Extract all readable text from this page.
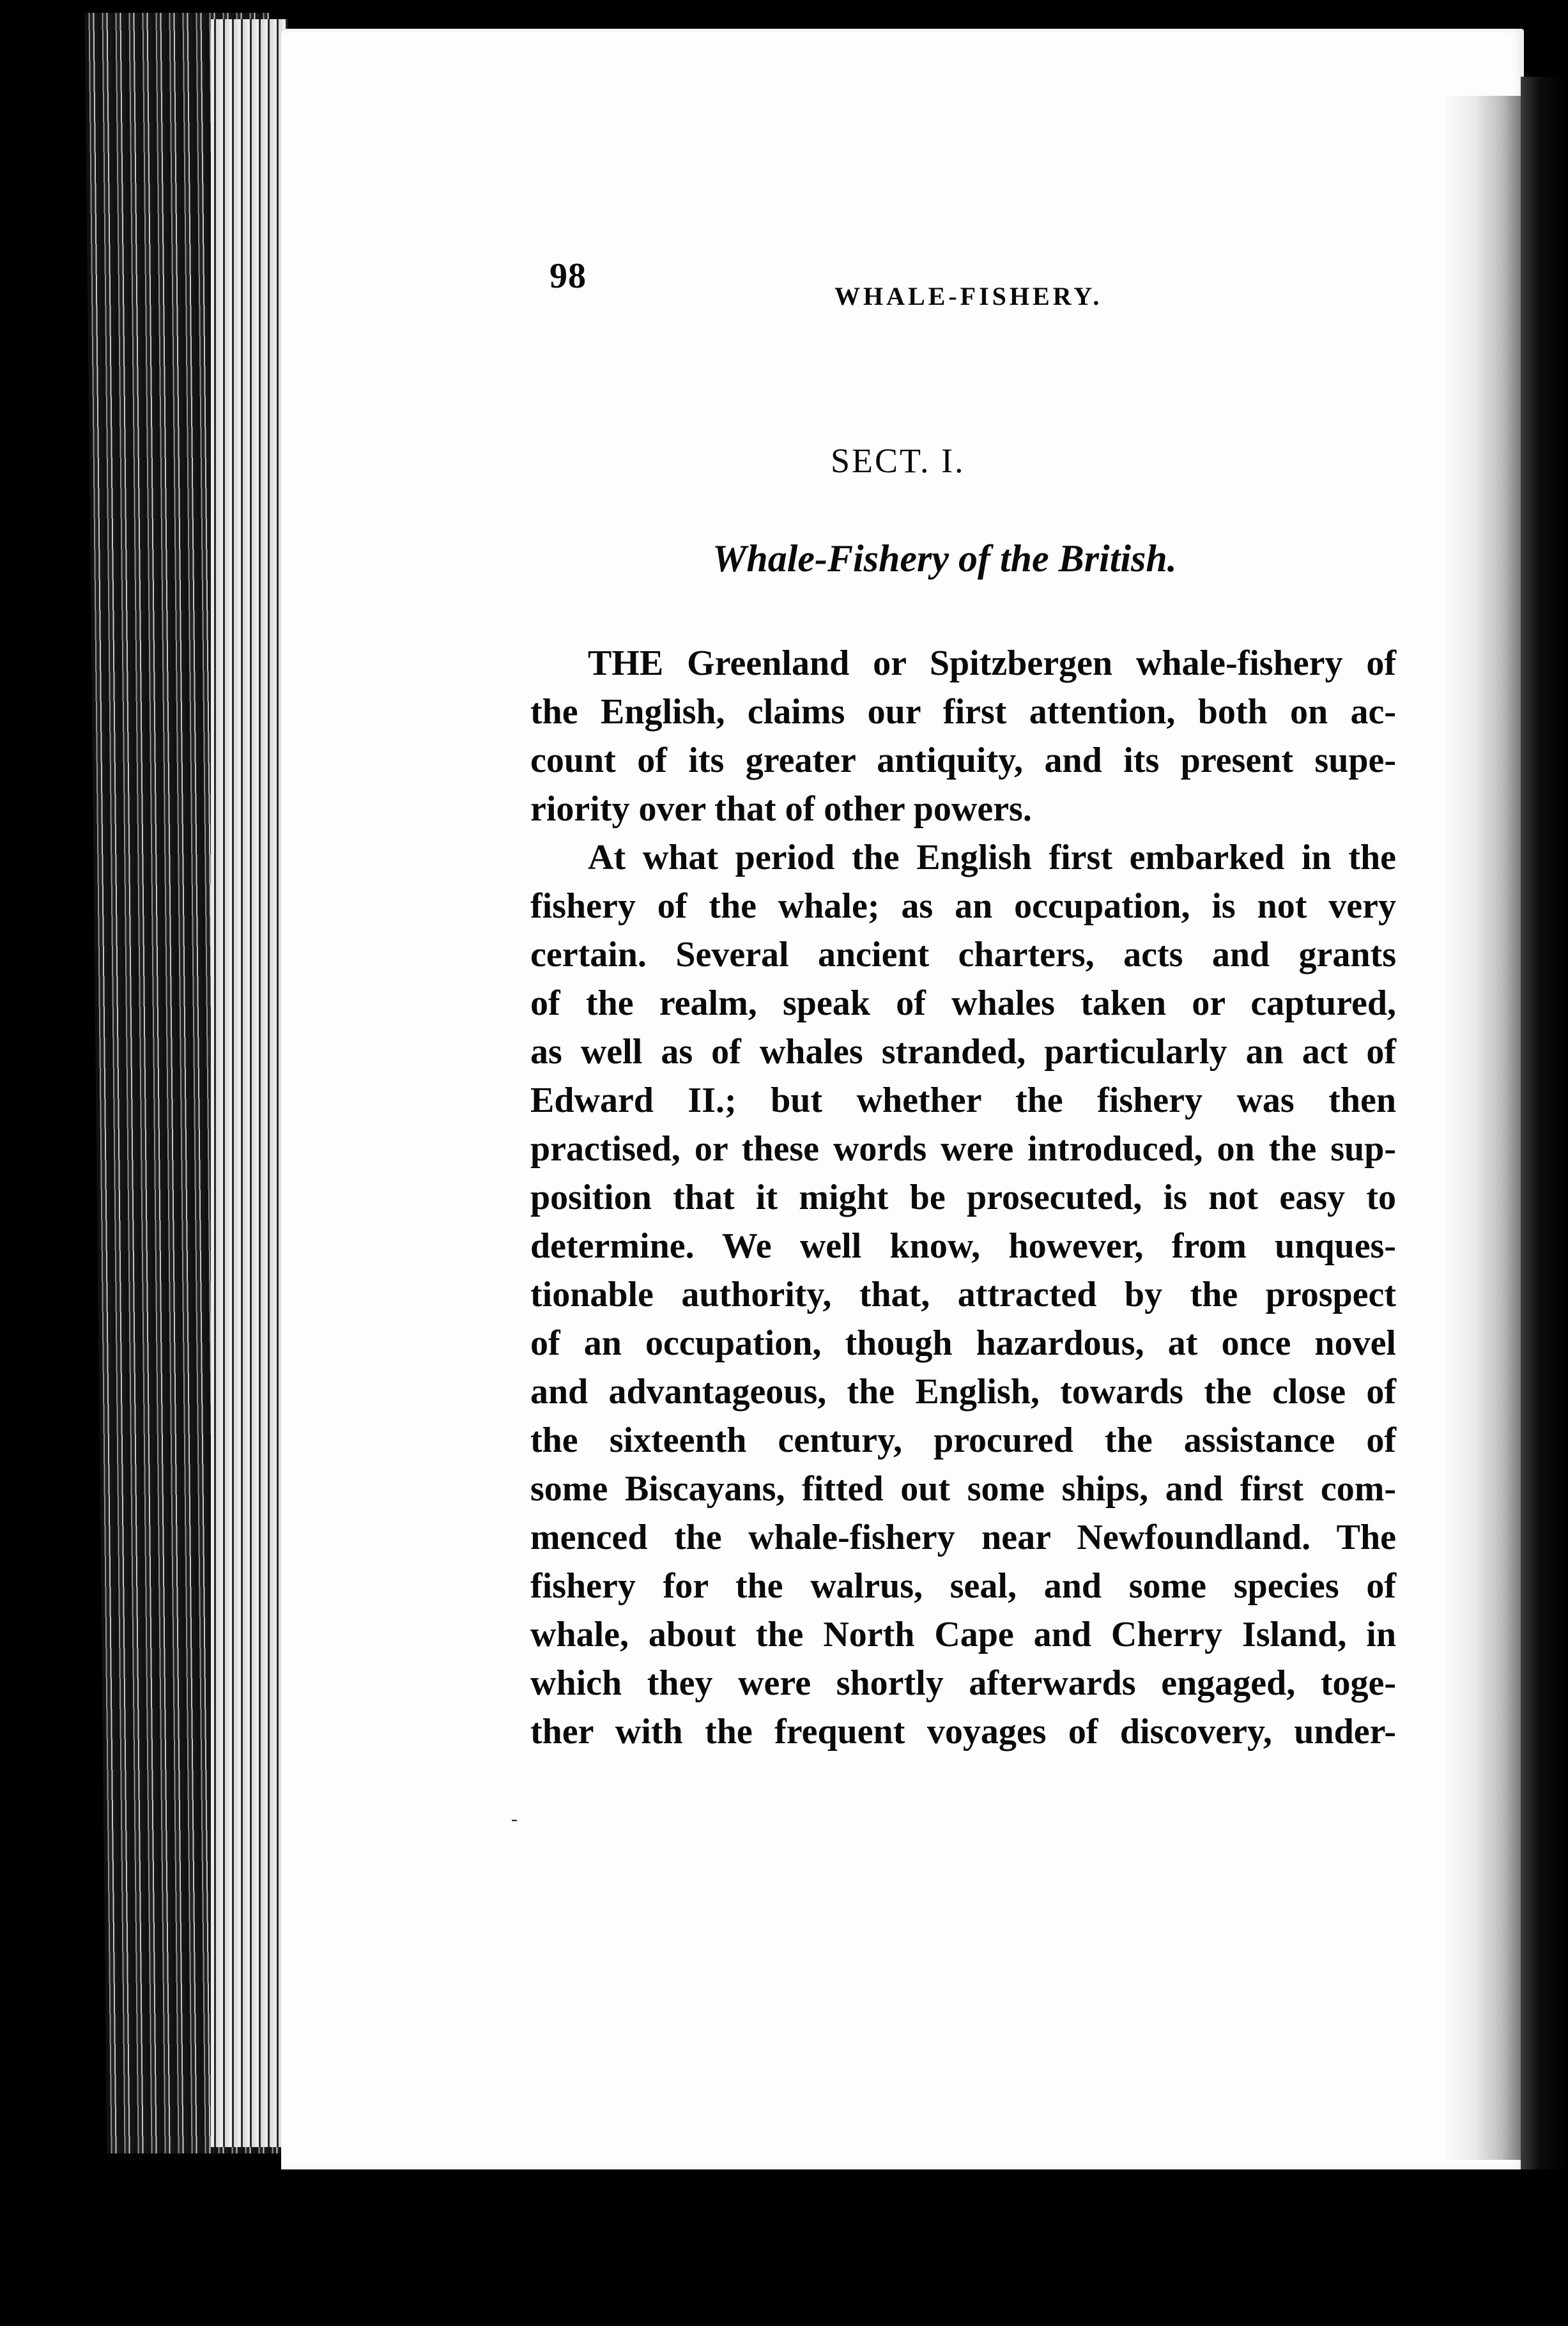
98
WHALE-FISHERY.
SECT. I.
Whale-Fishery of the British.
THE Greenland or Spitzbergen whale-fishery of
the English, claims our first attention, both on ac-
count of its greater antiquity, and its present supe-
riority over that of other powers.
At what period the English first embarked in the
fishery of the whale; as an occupation, is not very
certain. Several ancient charters, acts and grants
of the realm, speak of whales taken or captured,
as well as of whales stranded, particularly an act of
Edward II.; but whether the fishery was then
practised, or these words were introduced, on the sup-
position that it might be prosecuted, is not easy to
determine. We well know, however, from unques-
tionable authority, that, attracted by the prospect
of an occupation, though hazardous, at once novel
and advantageous, the English, towards the close of
the sixteenth century, procured the assistance of
some Biscayans, fitted out some ships, and first com-
menced the whale-fishery near Newfoundland. The
fishery for the walrus, seal, and some species of
whale, about the North Cape and Cherry Island, in
which they were shortly afterwards engaged, toge-
ther with the frequent voyages of discovery, under-
-
